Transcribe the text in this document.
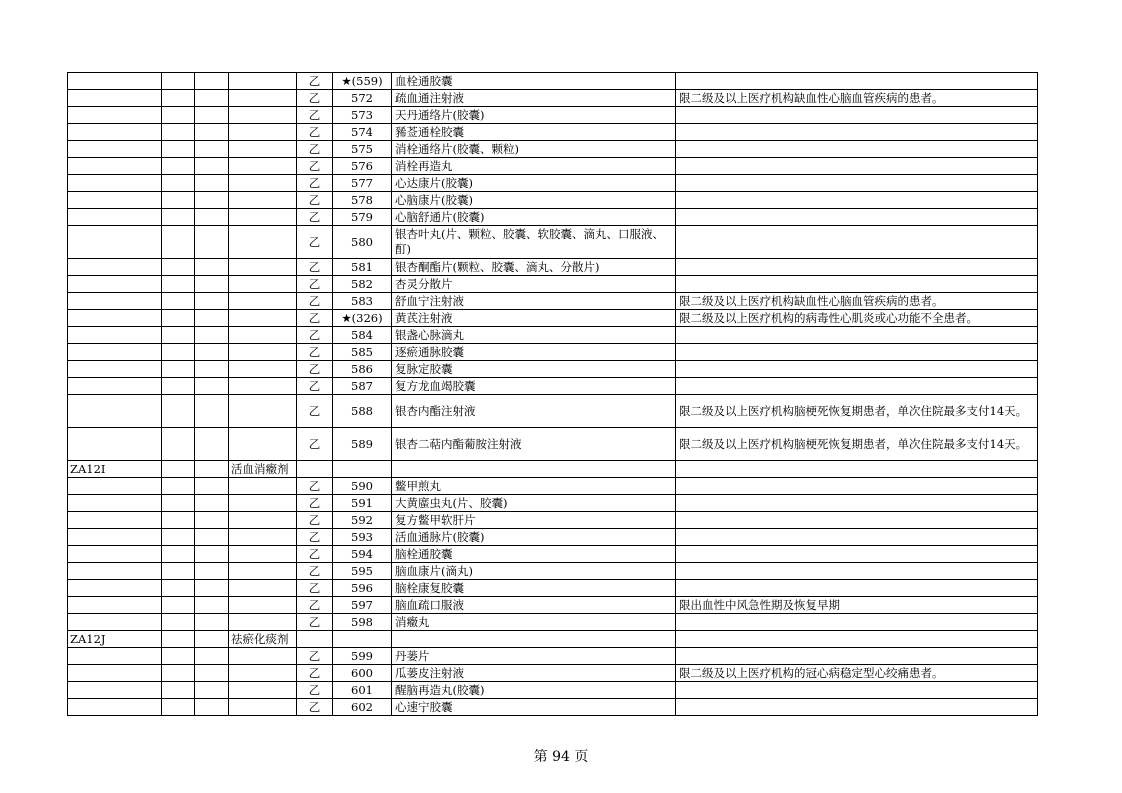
				乙	★(559)	血栓通胶囊	
				乙	572	疏血通注射液	限二级及以上医疗机构缺血性心脑血管疾病的患者。
				乙	573	天丹通络片(胶囊)	
				乙	574	豨莶通栓胶囊	
				乙	575	消栓通络片(胶囊、颗粒)	
				乙	576	消栓再造丸	
				乙	577	心达康片(胶囊)	
				乙	578	心脑康片(胶囊)	
				乙	579	心脑舒通片(胶囊)	
				乙	580	银杏叶丸(片、颗粒、胶囊、软胶囊、滴丸、口服液、酊)	
				乙	581	银杏酮酯片(颗粒、胶囊、滴丸、分散片)	
				乙	582	杏灵分散片	
				乙	583	舒血宁注射液	限二级及以上医疗机构缺血性心脑血管疾病的患者。
				乙	★(326)	黄芪注射液	限二级及以上医疗机构的病毒性心肌炎或心功能不全患者。
				乙	584	银盏心脉滴丸	
				乙	585	逐瘀通脉胶囊	
				乙	586	复脉定胶囊	
				乙	587	复方龙血竭胶囊	
				乙	588	银杏内酯注射液	限二级及以上医疗机构脑梗死恢复期患者，单次住院最多支付14天。
				乙	589	银杏二萜内酯葡胺注射液	限二级及以上医疗机构脑梗死恢复期患者，单次住院最多支付14天。
ZA12I			活血消癥剂				
				乙	590	鳖甲煎丸	
				乙	591	大黄䗪虫丸(片、胶囊)	
				乙	592	复方鳖甲软肝片	
				乙	593	活血通脉片(胶囊)	
				乙	594	脑栓通胶囊	
				乙	595	脑血康片(滴丸)	
				乙	596	脑栓康复胶囊	
				乙	597	脑血疏口服液	限出血性中风急性期及恢复早期
				乙	598	消癥丸	
ZA12J			祛瘀化痰剂				
				乙	599	丹蒌片	
				乙	600	瓜蒌皮注射液	限二级及以上医疗机构的冠心病稳定型心绞痛患者。
				乙	601	醒脑再造丸(胶囊)	
				乙	602	心速宁胶囊	
第 94 页
